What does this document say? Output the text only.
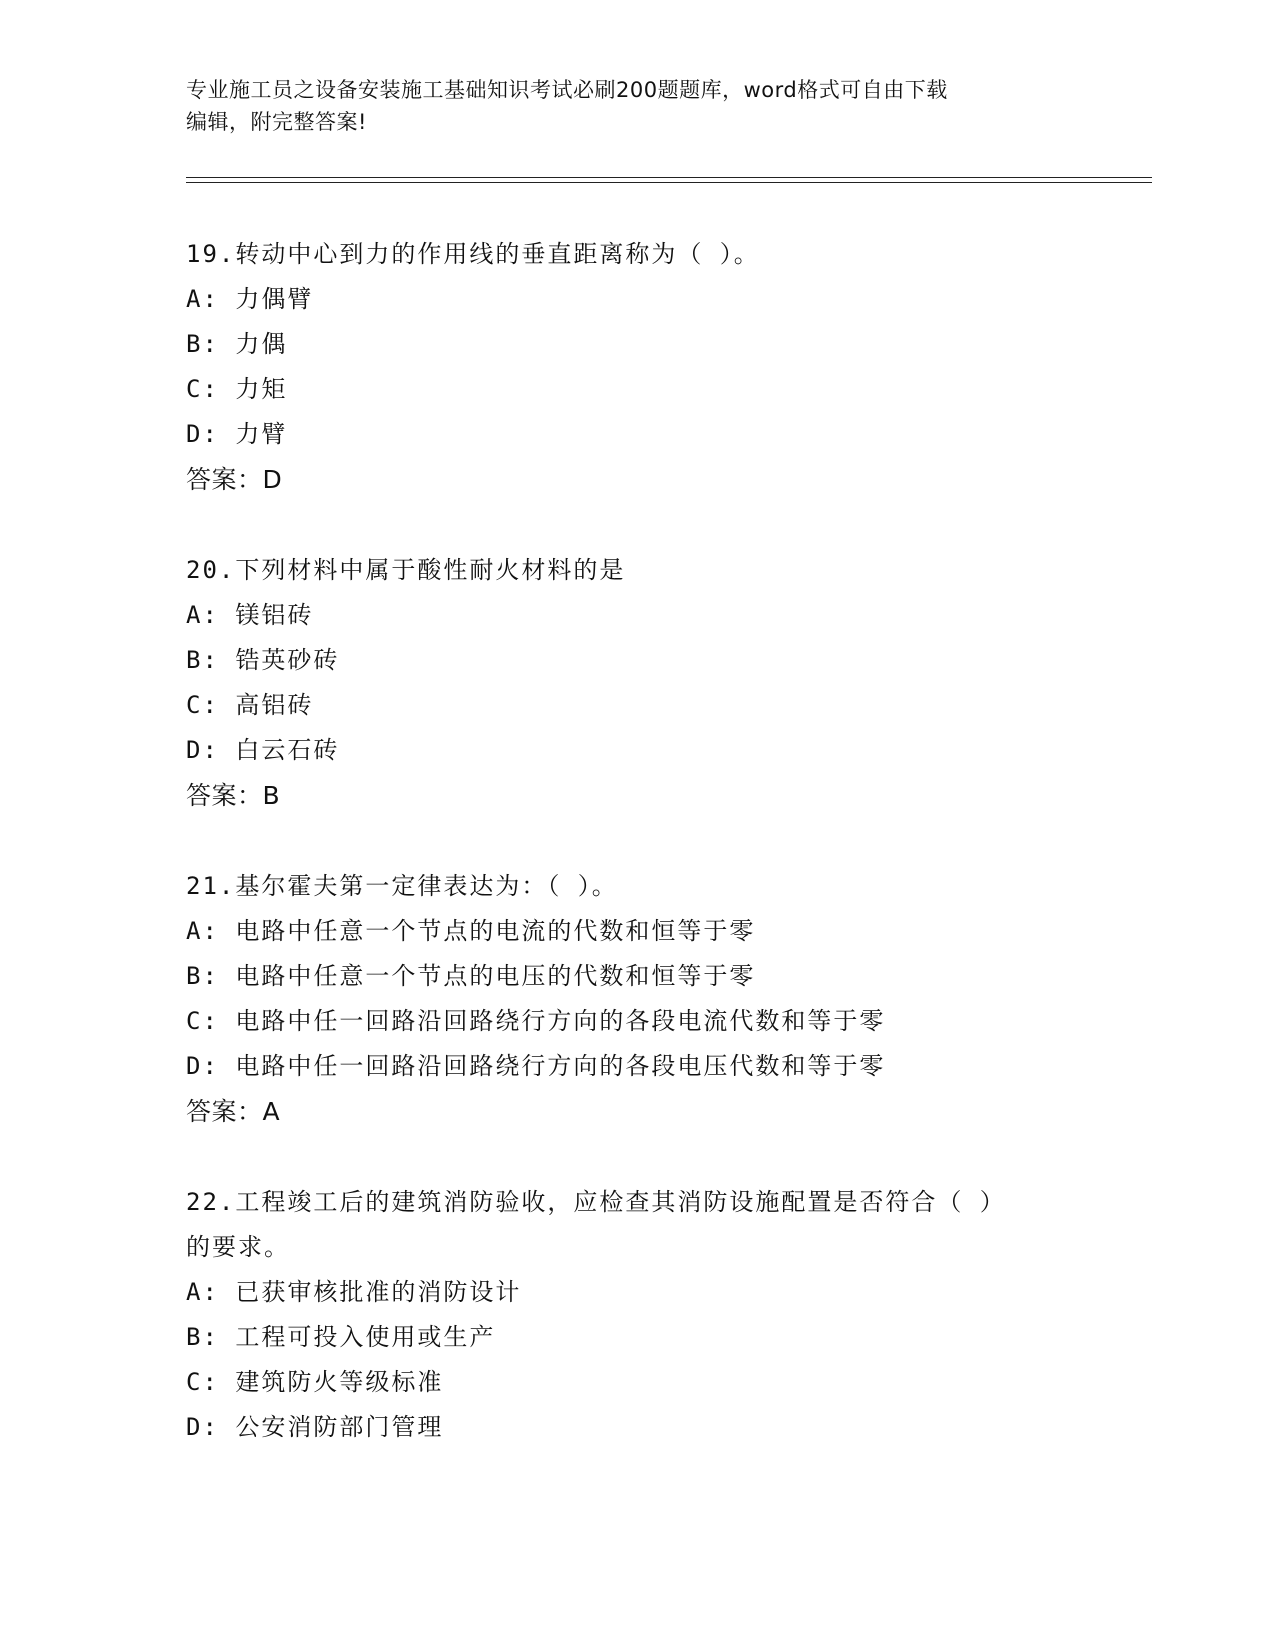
专业施工员之设备安装施工基础知识考试必刷200题题库，word格式可自由下载
编辑，附完整答案!
19.转动中心到力的作用线的垂直距离称为（ ）。
A: 力偶臂
B: 力偶
C: 力矩
D: 力臂
答案：D
20.下列材料中属于酸性耐火材料的是
A: 镁铝砖
B: 锆英砂砖
C: 高铝砖
D: 白云石砖
答案：B
21.基尔霍夫第一定律表达为：（ ）。
A: 电路中任意一个节点的电流的代数和恒等于零
B: 电路中任意一个节点的电压的代数和恒等于零
C: 电路中任一回路沿回路绕行方向的各段电流代数和等于零
D: 电路中任一回路沿回路绕行方向的各段电压代数和等于零
答案：A
22.工程竣工后的建筑消防验收，应检查其消防设施配置是否符合（ ）的要求。
A: 已获审核批准的消防设计
B: 工程可投入使用或生产
C: 建筑防火等级标准
D: 公安消防部门管理
